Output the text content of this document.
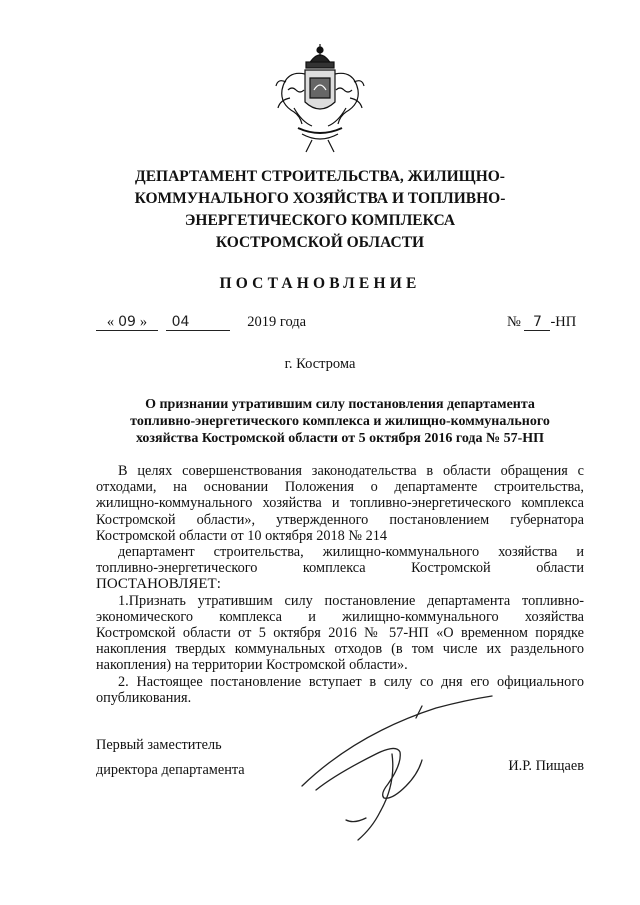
ДЕПАРТАМЕНТ СТРОИТЕЛЬСТВА, ЖИЛИЩНО-
КОММУНАЛЬНОГО ХОЗЯЙСТВА И ТОПЛИВНО-
ЭНЕРГЕТИЧЕСКОГО КОМПЛЕКСА
КОСТРОМСКОЙ ОБЛАСТИ
ПОСТАНОВЛЕНИЕ
« 09 » 04	2019 года	№ 7 -НП
г. Кострома
О признании утратившим силу постановления департамента
топливно-энергетического комплекса и жилищно-коммунального
хозяйства Костромской области от 5 октября 2016 года № 57-НП

В целях совершенствования законодательства в области обращения с

отходами, на основании Положения о департаменте строительства,

жилищно-коммунального хозяйства и топливно-энергетического комплекса

Костромской области», утвержденного постановлением губернатора

Костромской области от 10 октября 2018 № 214

департамент строительства, жилищно-коммунального хозяйства и

топливно-энергетического комплекса Костромской области

ПОСТАНОВЛЯЕТ:

1.Признать утратившим силу постановление департамента топливно-

экономического комплекса и жилищно-коммунального хозяйства

Костромской области от 5 октября 2016 № 57-НП «О временном порядке

накопления твердых коммунальных отходов (в том числе их раздельного

накопления) на территории Костромской области».

2. Настоящее постановление вступает в силу со дня его официального

опубликования.

Первый заместитель
директора департамента	И.Р. Пищаев
